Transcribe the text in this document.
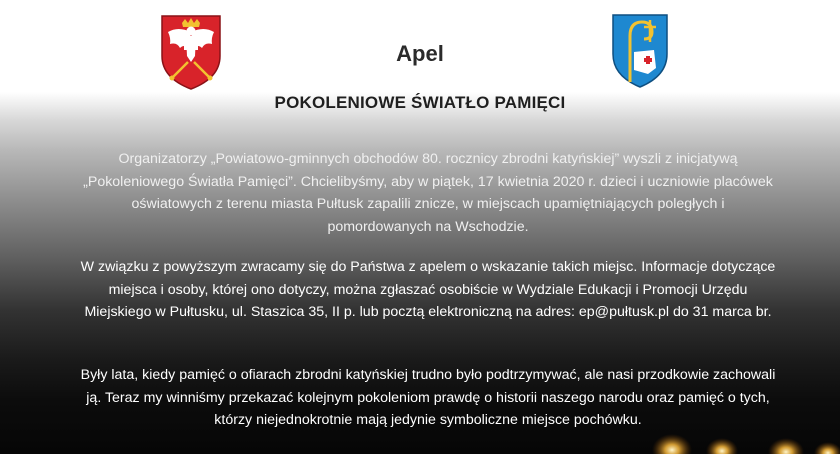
Apel
POKOLENIOWE ŚWIATŁO PAMIĘCI
Organizatorzy „Powiatowo-gminnych obchodów 80. rocznicy zbrodni katyńskiej” wyszli z inicjatywą „Pokoleniowego Światła Pamięci”. Chcielibyśmy, aby w piątek, 17 kwietnia 2020 r. dzieci i uczniowie placówek oświatowych z terenu miasta Pułtusk zapalili znicze, w miejscach upamiętniających poległych i pomordowanych na Wschodzie.
W związku z powyższym zwracamy się do Państwa z apelem o wskazanie takich miejsc. Informacje dotyczące miejsca i osoby, której ono dotyczy, można zgłaszać osobiście w Wydziale Edukacji i Promocji Urzędu Miejskiego w Pułtusku, ul. Staszica 35, II p. lub pocztą elektroniczną na adres: ep@pułtusk.pl do 31 marca br.
Były lata, kiedy pamięć o ofiarach zbrodni katyńskiej trudno było podtrzymywać, ale nasi przodkowie zachowali ją. Teraz my winniśmy przekazać kolejnym pokoleniom prawdę o historii naszego narodu oraz pamięć o tych, którzy niejednokrotnie mają jedynie symboliczne miejsce pochówku.
